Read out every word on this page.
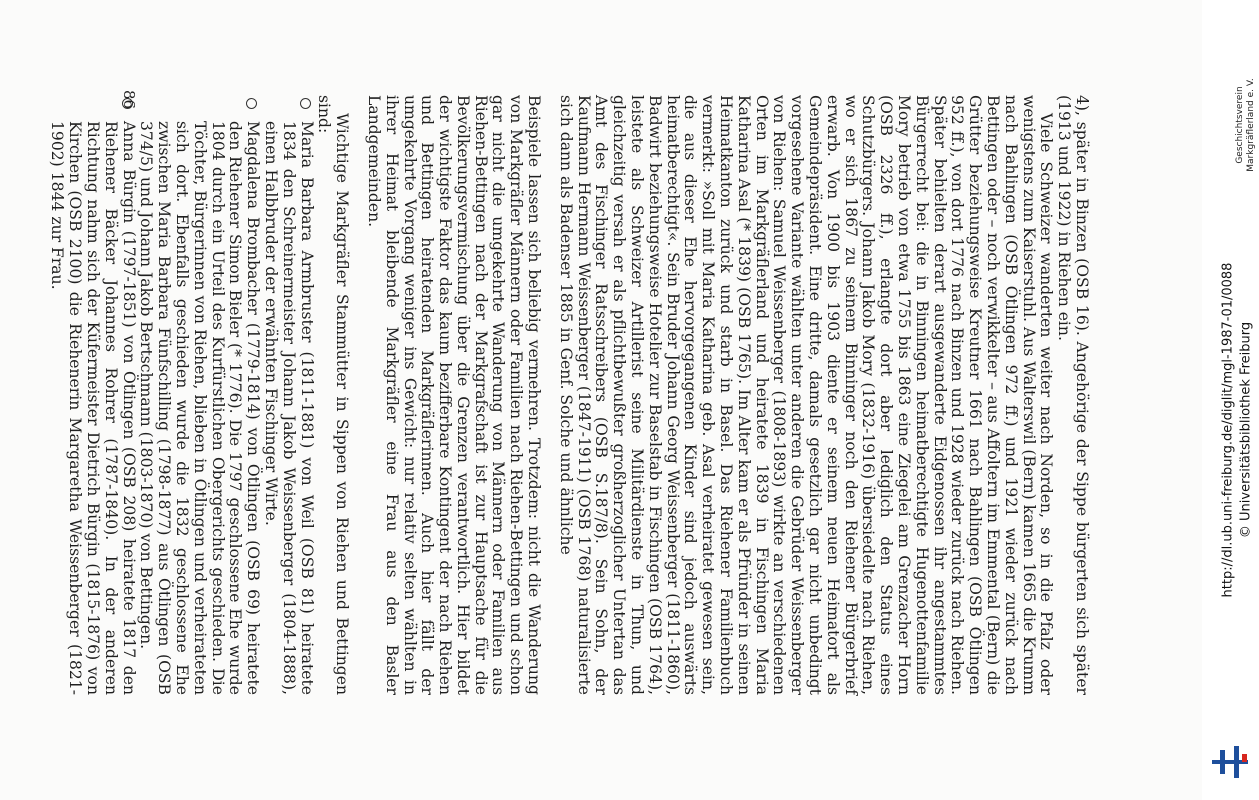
4), später in Binzen (OSB 16). Angehörige der Sippe bürgerten sich später (1913 und 1922) in Riehen ein.

Viele Schweizer wanderten weiter nach Norden, so in die Pfalz oder wenigstens zum Kaiserstuhl. Aus Walterswil (Bern) kamen 1665 die Krumm nach Bahlingen (OSB Ötlingen 972 ff.) und 1921 wieder zurück nach Bettingen oder – noch verwikkelter – aus Affoltern im Emmental (Bern) die Grütter beziehungsweise Kreutner 1661 nach Bahlingen (OSB Ötlingen 952 ff.), von dort 1776 nach Binzen und 1928 wieder zurück nach Riehen. Später behielten derart ausgewanderte Eidgenossen ihr angestammtes Bürgerrecht bei: die in Binningen heimatberechtigte Hugenottenfamilie Mory betrieb von etwa 1755 bis 1863 eine Ziegelei am Grenzacher Horn (OSB 2326 ff.), erlangte dort aber lediglich den Status eines Schutzbürgers. Johann Jakob Mory (1832-1916) übersiedelte nach Riehen, wo er sich 1867 zu seinem Binninger noch den Riehener Bürgerbrief erwarb. Von 1900 bis 1903 diente er seinem neuen Heimatort als Gemeindepräsident. Eine dritte, damals gesetzlich gar nicht unbedingt vorgesehene Variante wählten unter anderen die Gebrüder Weissenberger von Riehen: Samuel Weissenberger (1808-1893) wirkte an verschiedenen Orten im Markgräflerland und heiratete 1839 in Fischingen Maria Katharina Asal (* 1839) (OSB 1765). Im Alter kam er als Pfründer in seinen Heimatkanton zurück und starb in Basel. Das Riehener Familienbuch vermerkt: »Soll mit Maria Katharina geb. Asal verheiratet gewesen sein, die aus dieser Ehe hervorgegangenen Kinder sind jedoch auswärts heimatberechtigt«. Sein Bruder Johann Georg Weissenberger (1811-1860), Badwirt beziehungsweise Hotelier zur Baselstab in Fischingen (OSB 1764), leistete als Schweizer Artillerist seine Militärdienste in Thun, und gleichzeitig versah er als pflichtbewußter großherzoglicher Untertan das Amt des Fischinger Ratsschreibers (OSB S.187/8). Sein Sohn, der Kaufmann Hermann Weissenberger (1847-1911) (OSB 1768) naturalisierte sich dann als Badenser 1885 in Genf. Solche und ähnliche

Beispiele lassen sich beliebig vermehren. Trotzdem: nicht die Wanderung von Markgräfler Männern oder Familien nach Riehen-Bettingen und schon gar nicht die umgekehrte Wanderung von Männern oder Familien aus Riehen-Bettingen nach der Markgrafschaft ist zur Hauptsache für die Bevölkerungsvermischung über die Grenzen verantwortlich. Hier bildet der wichtigste Faktor das kaum bezifferbare Kontingent der nach Riehen und Bettingen heiratenden Markgräflerinnen. Auch hier fällt der umgekehrte Vorgang weniger ins Gewicht: nur relativ selten wählten in ihrer Heimat bleibende Markgräfler eine Frau aus den Basler Landgemeinden.

Wichtige Markgräfler Stammütter in Sippen von Riehen und Bettingen sind:

Maria Barbara Armbruster (1811-1881) von Weil (OSB 81) heiratete 1834 den Schreinermeister Johann Jakob Weissenberger (1804-1888), einen Halbbruder der erwähnten Fischinger Wirte.

Magdalena Brombacher (1779-1814) von Ötlingen (OSB 69) heiratete den Riehener Simon Bieler (* 1776). Die 1797 geschlossene Ehe wurde 1804 durch ein Urteil des Kurfürstlichen Obergerichts geschieden. Die Töchter, Bürgerinnen von Riehen, blieben in Ötlingen und verheirateten sich dort. Ebenfalls geschieden wurde die 1832 geschlossene Ehe zwischen Maria Barbara Fünfschilling (1798-1877) aus Ötlingen (OSB 374/5) und Johann Jakob Bertschmann (1803-1870) von Bettingen.

Anna Bürgin (1797-1851) von Ötlingen (OSB 208) heiratete 1817 den Riehener Bäcker Johannes Rohrer (1787-1840). In der anderen Richtung nahm sich der Küfermeister Dietrich Bürgin (1815-1876) von Kirchen (OSB 2100) die Riehenerin Margaretha Weissenberger (1821-1902) 1844 zur Frau.

86	Geschichtsverein Markgräflerland e. V.
http://dl.ub.uni-freiburg.de/diglit/mgl-1987-01/0088 © Universitätsbibliothek Freiburg
